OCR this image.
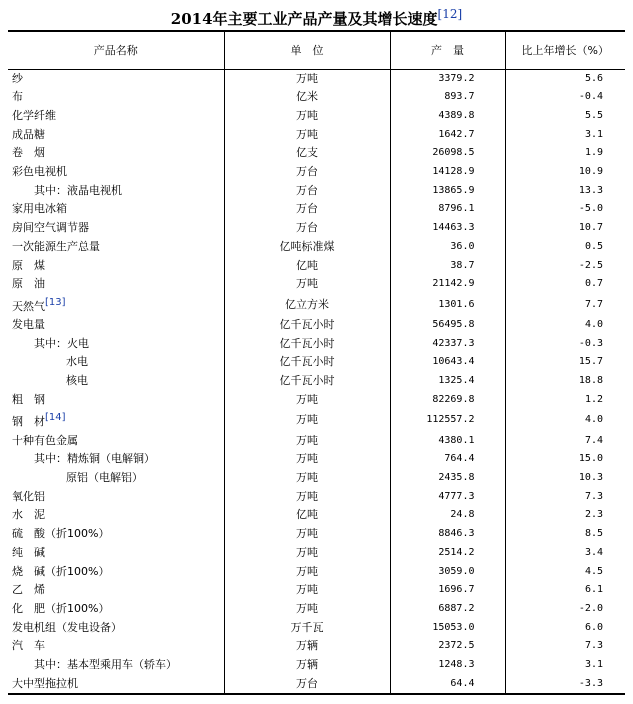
2014年主要工业产品产量及其增长速度[12]
产品名称	单　位	产　量	比上年增长（%）
纱	万吨	3379.2	5.6
布	亿米	893.7	-0.4
化学纤维	万吨	4389.8	5.5
成品糖	万吨	1642.7	3.1
卷　烟	亿支	26098.5	1.9
彩色电视机	万台	14128.9	10.9
其中：液晶电视机	万台	13865.9	13.3
家用电冰箱	万台	8796.1	-5.0
房间空气调节器	万台	14463.3	10.7
一次能源生产总量	亿吨标准煤	36.0	0.5
原　煤	亿吨	38.7	-2.5
原　油	万吨	21142.9	0.7
天然气[13]	亿立方米	1301.6	7.7
发电量	亿千瓦小时	56495.8	4.0
其中：火电	亿千瓦小时	42337.3	-0.3
水电	亿千瓦小时	10643.4	15.7
核电	亿千瓦小时	1325.4	18.8
粗　钢	万吨	82269.8	1.2
钢　材[14]	万吨	112557.2	4.0
十种有色金属	万吨	4380.1	7.4
其中：精炼铜（电解铜）	万吨	764.4	15.0
原铝（电解铝）	万吨	2435.8	10.3
氧化铝	万吨	4777.3	7.3
水　泥	亿吨	24.8	2.3
硫　酸（折100%）	万吨	8846.3	8.5
纯　碱	万吨	2514.2	3.4
烧　碱（折100%）	万吨	3059.0	4.5
乙　烯	万吨	1696.7	6.1
化　肥（折100%）	万吨	6887.2	-2.0
发电机组（发电设备）	万千瓦	15053.0	6.0
汽　车	万辆	2372.5	7.3
其中：基本型乘用车（轿车）	万辆	1248.3	3.1
大中型拖拉机	万台	64.4	-3.3
